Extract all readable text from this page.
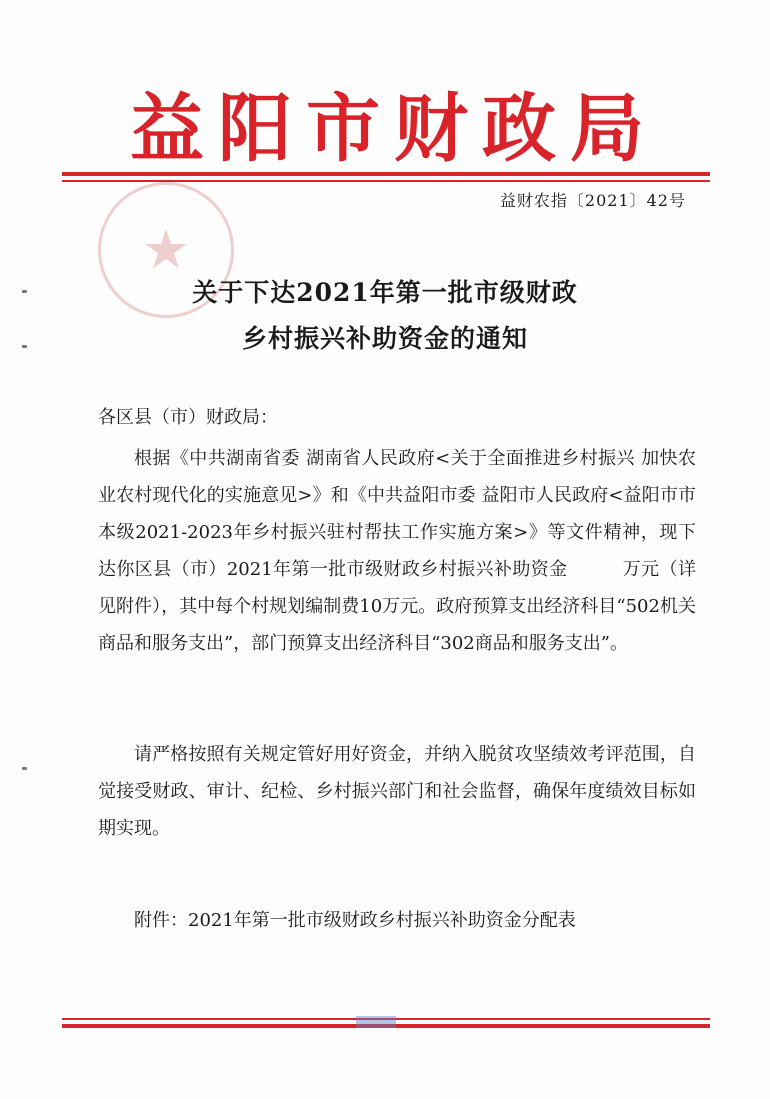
益阳市财政局
★
益财农指〔2021〕42号
关于下达2021年第一批市级财政
乡村振兴补助资金的通知
各区县（市）财政局：

根据《中共湖南省委 湖南省人民政府<关于全面推进乡村振兴 加快农业农村现代化的实施意见>》和《中共益阳市委 益阳市人民政府<益阳市市本级2021-2023年乡村振兴驻村帮扶工作实施方案>》等文件精神，现下达你区县（市）2021年第一批市级财政乡村振兴补助资金　　　万元（详见附件），其中每个村规划编制费10万元。政府预算支出经济科目“502机关商品和服务支出”，部门预算支出经济科目“302商品和服务支出”。

请严格按照有关规定管好用好资金，并纳入脱贫攻坚绩效考评范围，自觉接受财政、审计、纪检、乡村振兴部门和社会监督，确保年度绩效目标如期实现。

附件：2021年第一批市级财政乡村振兴补助资金分配表
